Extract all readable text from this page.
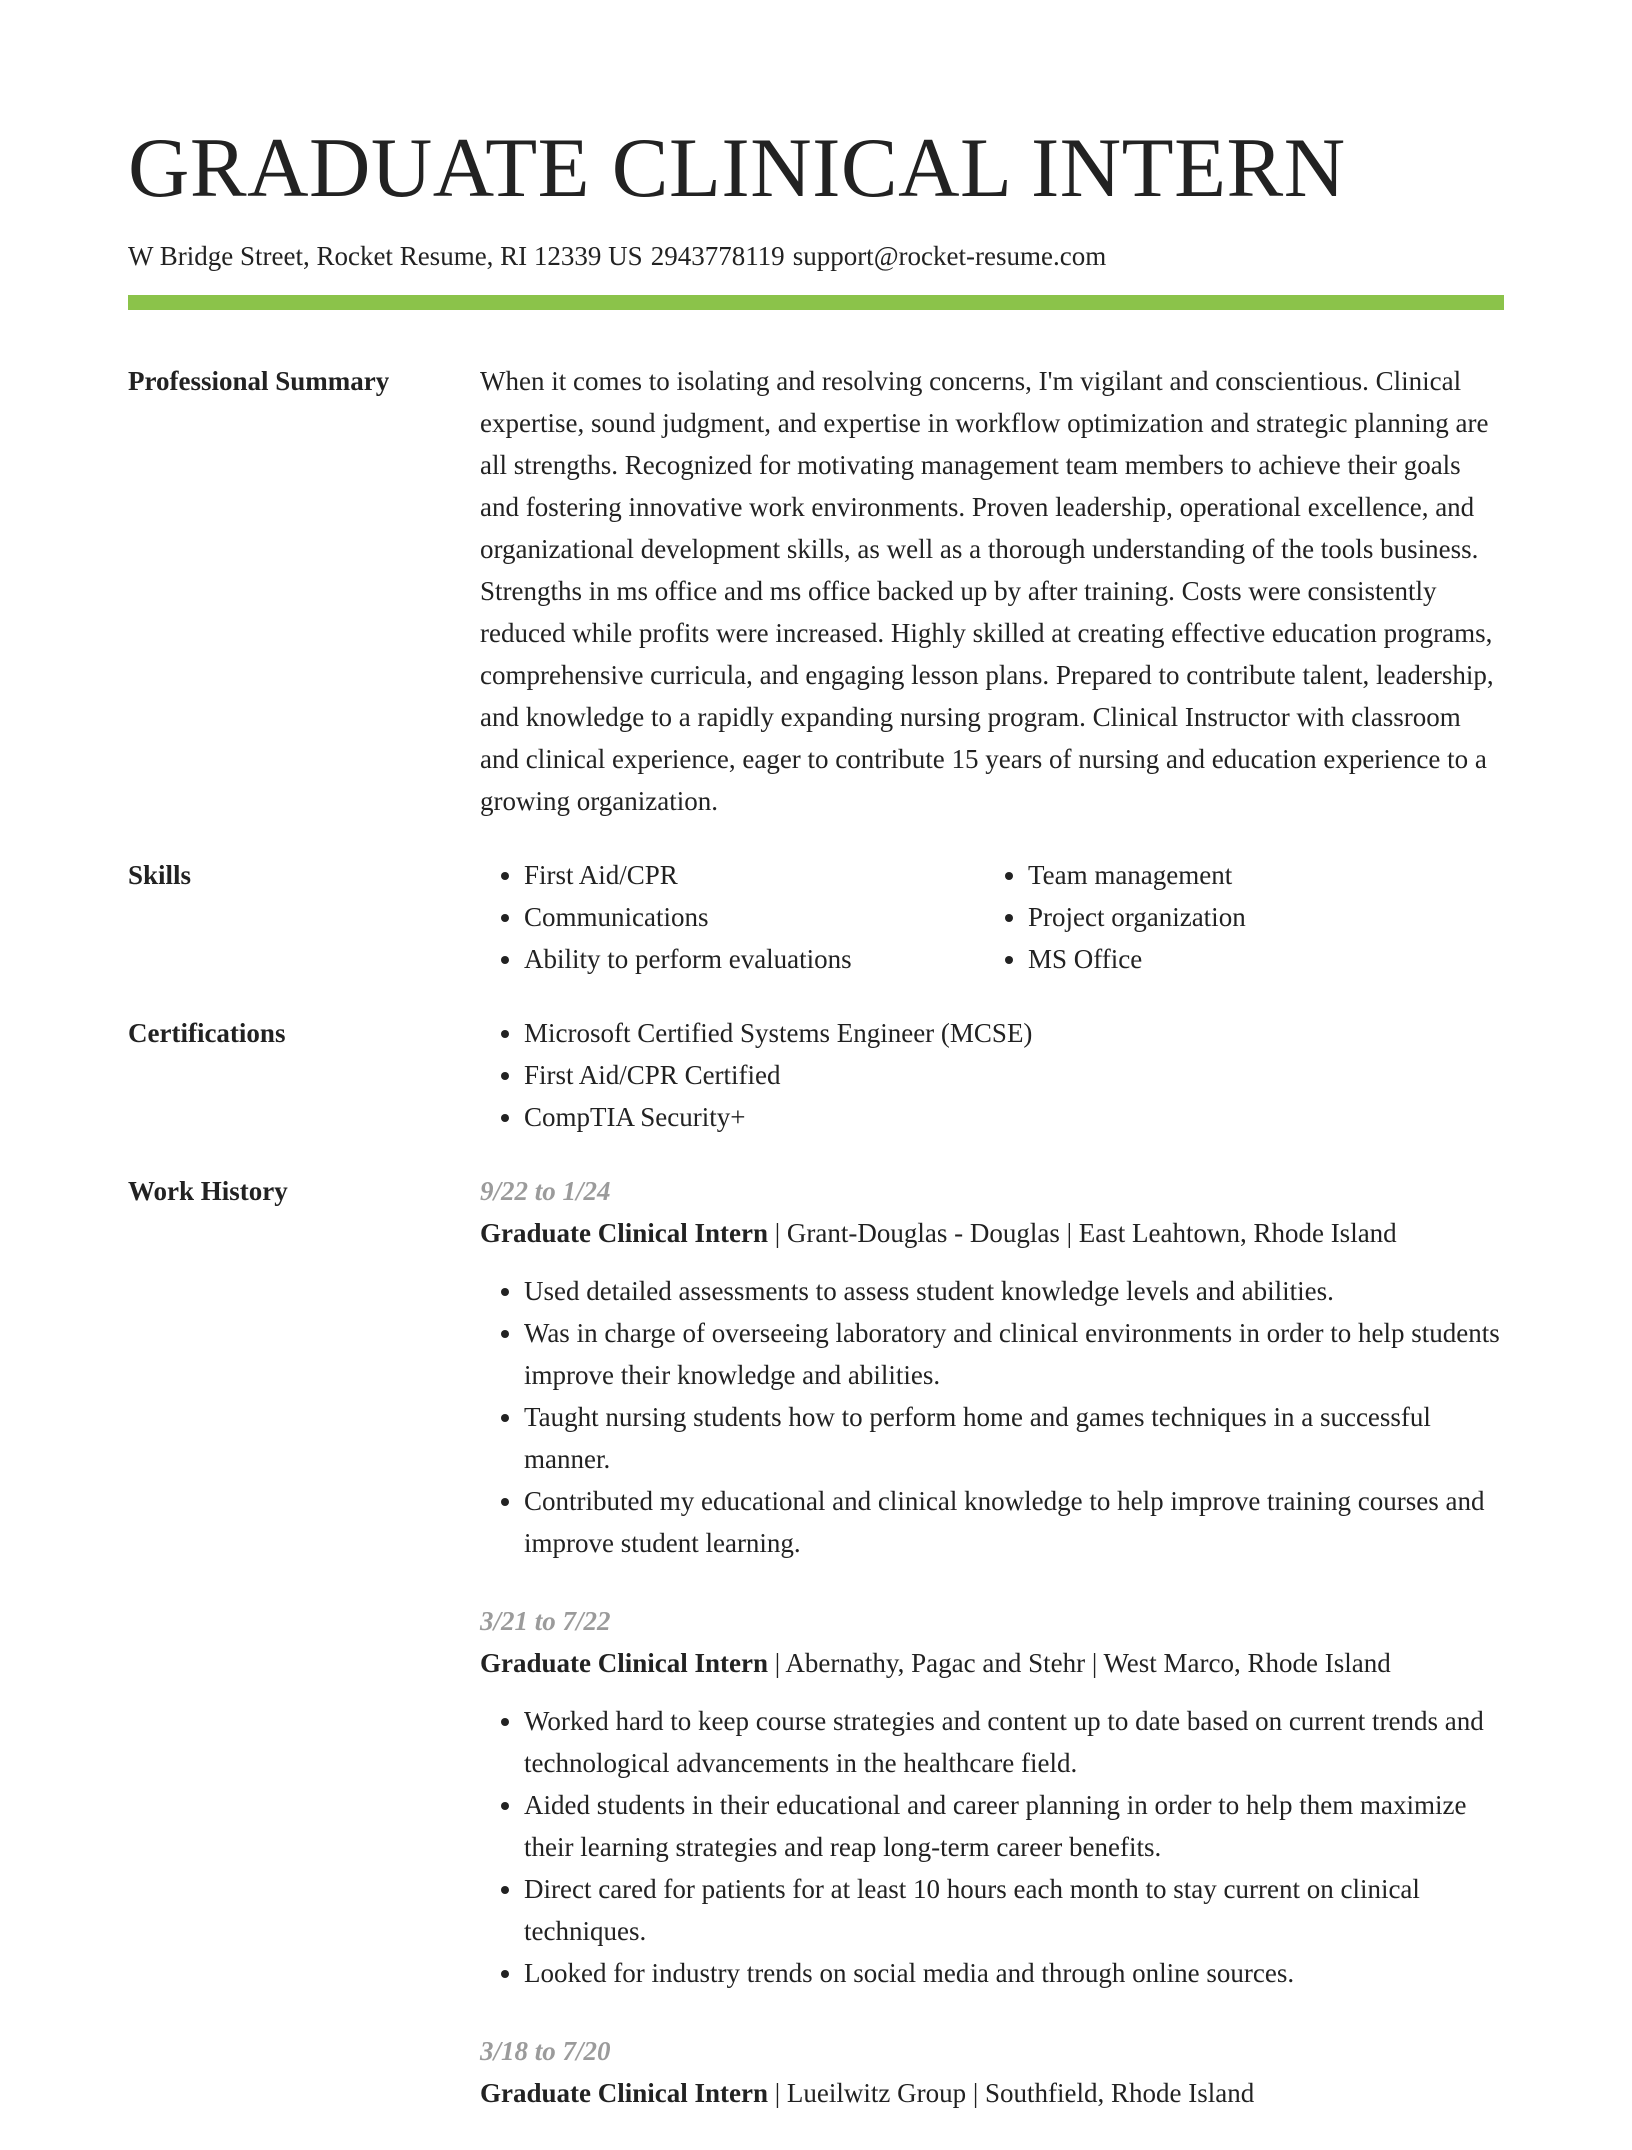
GRADUATE CLINICAL INTERN
W Bridge Street, Rocket Resume, RI 12339 US 2943778119 support@rocket-resume.com
Professional Summary	When it comes to isolating and resolving concerns, I'm vigilant and conscientious. Clinical expertise, sound judgment, and expertise in workflow optimization and strategic planning are all strengths. Recognized for motivating management team members to achieve their goals and fostering innovative work environments. Proven leadership, operational excellence, and organizational development skills, as well as a thorough understanding of the tools business. Strengths in ms office and ms office backed up by after training. Costs were consistently reduced while profits were increased. Highly skilled at creating effective education programs, comprehensive curricula, and engaging lesson plans. Prepared to contribute talent, leadership, and knowledge to a rapidly expanding nursing program. Clinical Instructor with classroom and clinical experience, eager to contribute 15 years of nursing and education experience to a growing organization.
Skills	• First Aid/CPR
• Communications
• Ability to perform evaluations
• Team management
• Project organization
• MS Office
Certifications	• Microsoft Certified Systems Engineer (MCSE)
• First Aid/CPR Certified
• CompTIA Security+
Work History	9/22 to 1/24
Graduate Clinical Intern | Grant-Douglas - Douglas | East Leahtown, Rhode Island
• Used detailed assessments to assess student knowledge levels and abilities.
• Was in charge of overseeing laboratory and clinical environments in order to help students improve their knowledge and abilities.
• Taught nursing students how to perform home and games techniques in a successful manner.
• Contributed my educational and clinical knowledge to help improve training courses and improve student learning.
3/21 to 7/22
Graduate Clinical Intern | Abernathy, Pagac and Stehr | West Marco, Rhode Island
• Worked hard to keep course strategies and content up to date based on current trends and technological advancements in the healthcare field.
• Aided students in their educational and career planning in order to help them maximize their learning strategies and reap long-term career benefits.
• Direct cared for patients for at least 10 hours each month to stay current on clinical techniques.
• Looked for industry trends on social media and through online sources.
3/18 to 7/20
Graduate Clinical Intern | Lueilwitz Group | Southfield, Rhode Island
